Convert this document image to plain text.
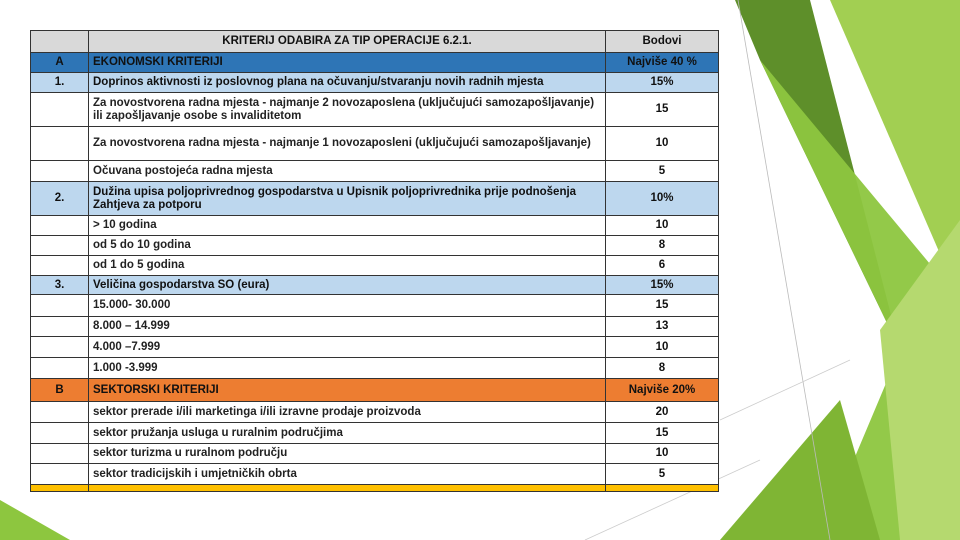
	KRITERIJ ODABIRA ZA TIP OPERACIJE 6.2.1.	Bodovi
A	EKONOMSKI KRITERIJI	Najviše 40 %
1.	Doprinos aktivnosti iz poslovnog plana na očuvanju/stvaranju novih radnih mjesta	15%
	Za novostvorena radna mjesta - najmanje 2 novozaposlena (uključujući samozapošljavanje) ili zapošljavanje osobe s invaliditetom	15
	Za novostvorena radna mjesta - najmanje 1 novozaposleni (uključujući samozapošljavanje)	10
	Očuvana postojeća radna mjesta	5
2.	Dužina upisa poljoprivrednog gospodarstva u Upisnik poljoprivrednika prije podnošenja Zahtjeva za potporu	10%
	> 10 godina	10
	od 5 do 10 godina	8
	od 1 do 5 godina	6
3.	Veličina gospodarstva SO (eura)	15%
	15.000- 30.000	15
	8.000 – 14.999	13
	4.000 –7.999	10
	1.000 -3.999	8
B	SEKTORSKI KRITERIJI	Najviše 20%
	sektor prerade i/ili marketinga i/ili izravne prodaje proizvoda	20
	sektor pružanja usluga u ruralnim područjima	15
	sektor turizma u ruralnom području	10
	sektor tradicijskih i umjetničkih obrta	5
